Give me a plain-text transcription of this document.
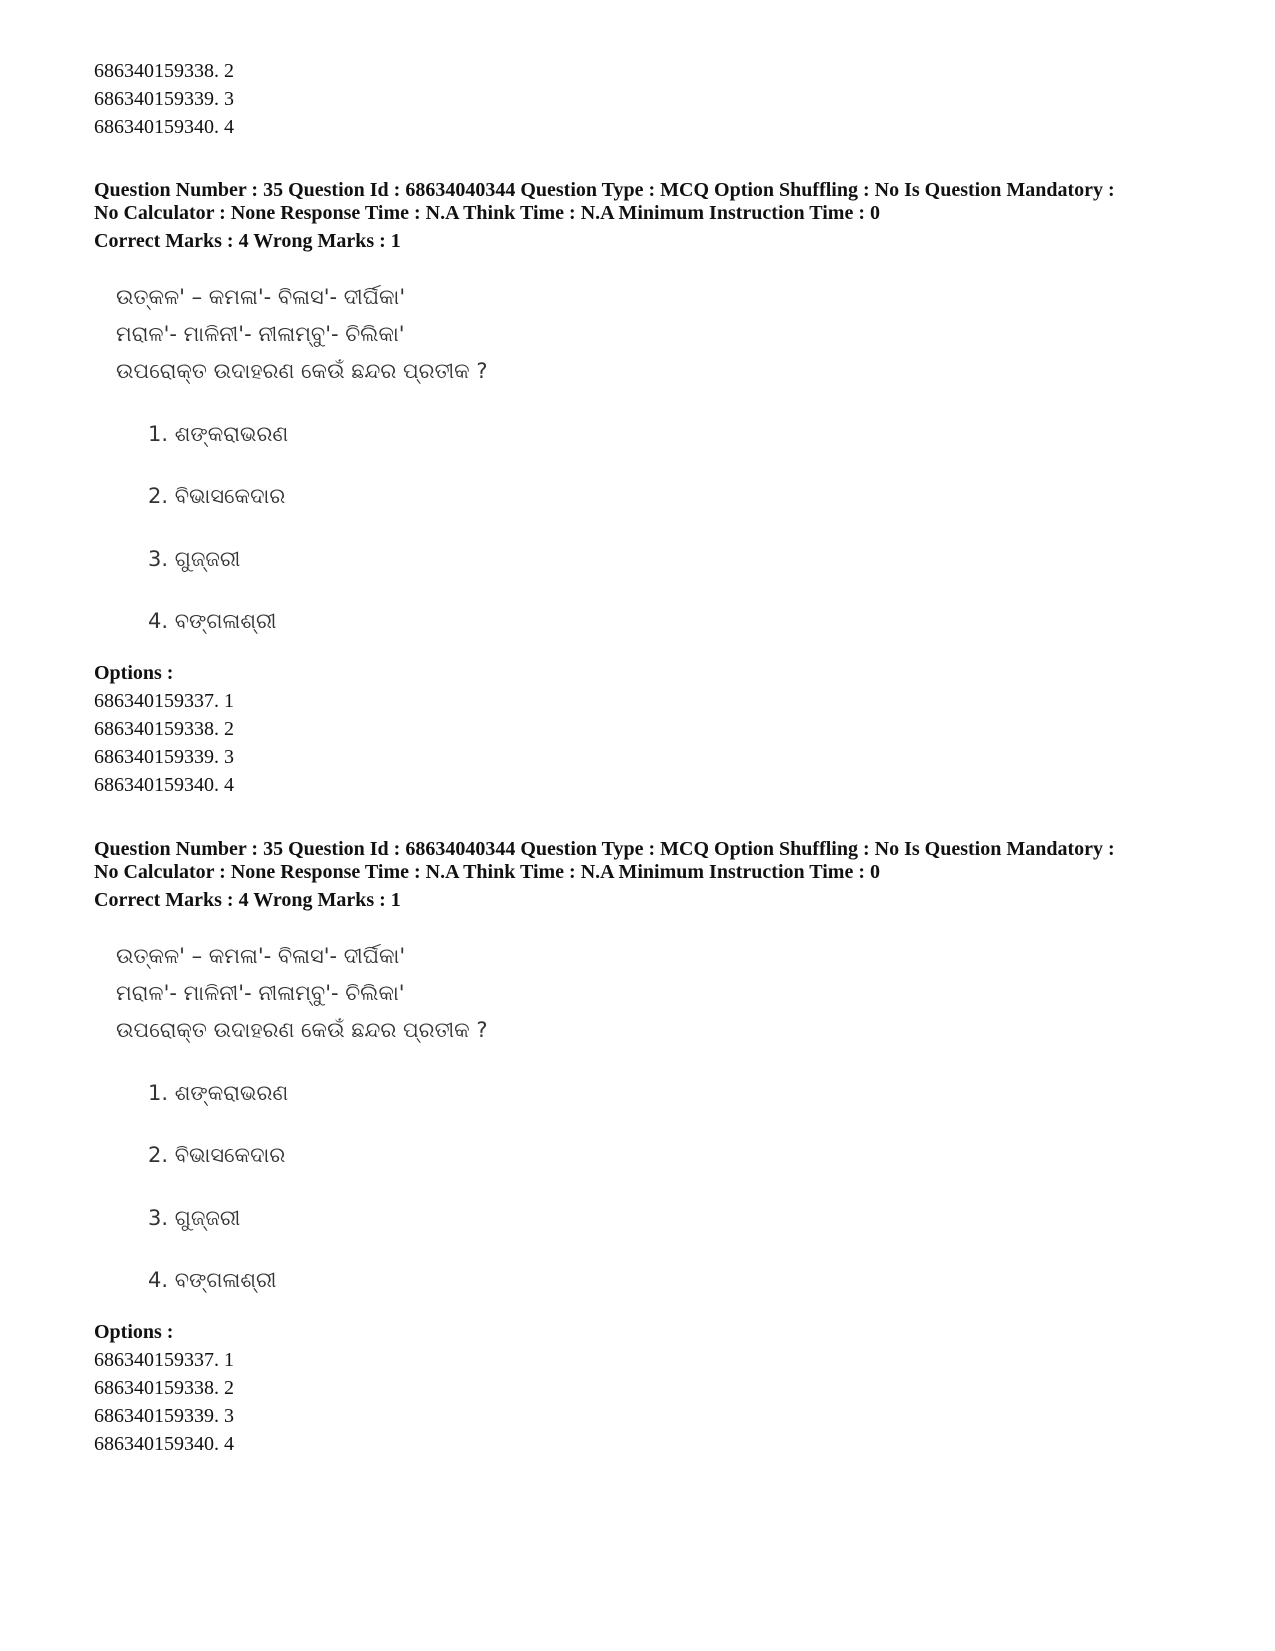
686340159338. 2

686340159339. 3

686340159340. 4

Question Number : 35 Question Id : 68634040344 Question Type : MCQ Option Shuffling : No Is Question Mandatory :

No Calculator : None Response Time : N.A Think Time : N.A Minimum Instruction Time : 0

Correct Marks : 4 Wrong Marks : 1

ଉତ୍କଳ' – କମଳା'- ବିଳାସ'- ଦୀର୍ଘିକା'

ମରାଳ'- ମାଳିନୀ'- ନୀଳାମ୍ବୁ'- ଚିଲିକା'

ଉପରୋକ୍ତ ଉଦାହରଣ କେଉଁ ଛନ୍ଦର ପ୍ରତୀକ ?

1. ଶଙ୍କରାଭରଣ

2. ବିଭାସକେଦାର

3. ଗୁଜ୍ଜରୀ

4. ବଙ୍ଗଳାଶ୍ରୀ

Options :

686340159337. 1

686340159338. 2

686340159339. 3

686340159340. 4

Question Number : 35 Question Id : 68634040344 Question Type : MCQ Option Shuffling : No Is Question Mandatory :

No Calculator : None Response Time : N.A Think Time : N.A Minimum Instruction Time : 0

Correct Marks : 4 Wrong Marks : 1

ଉତ୍କଳ' – କମଳା'- ବିଳାସ'- ଦୀର୍ଘିକା'

ମରାଳ'- ମାଳିନୀ'- ନୀଳାମ୍ବୁ'- ଚିଲିକା'

ଉପରୋକ୍ତ ଉଦାହରଣ କେଉଁ ଛନ୍ଦର ପ୍ରତୀକ ?

1. ଶଙ୍କରାଭରଣ

2. ବିଭାସକେଦାର

3. ଗୁଜ୍ଜରୀ

4. ବଙ୍ଗଳାଶ୍ରୀ

Options :

686340159337. 1

686340159338. 2

686340159339. 3

686340159340. 4
